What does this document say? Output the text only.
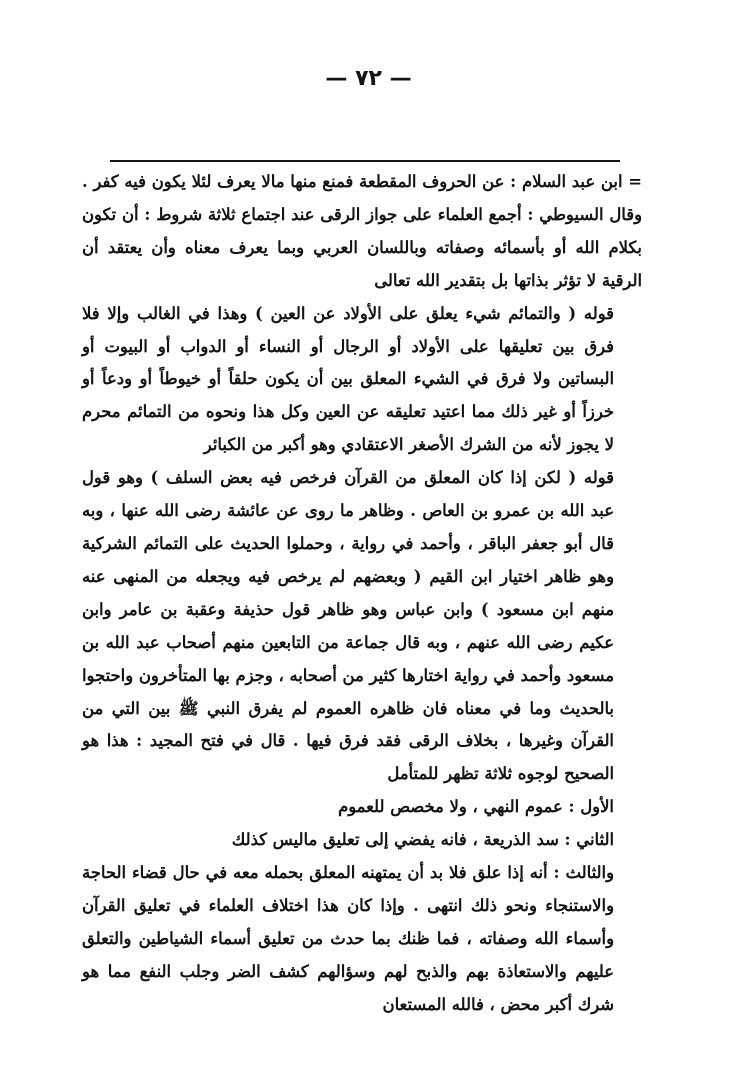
— ٧٢ —

= ابن عبد السلام : عن الحروف المقطعة فمنع منها مالا يعرف لئلا يكون فيه كفر . وقال السيوطي : أجمع العلماء على جواز الرقى عند اجتماع ثلاثة شروط : أن تكون بكلام الله أو بأسمائه وصفاته وباللسان العربي وبما يعرف معناه وأن يعتقد أن الرقية لا تؤثر بذاتها بل بتقدير الله تعالى

قوله ( والتمائم شيء يعلق على الأولاد عن العين ) وهذا في الغالب وإلا فلا فرق بين تعليقها على الأولاد أو الرجال أو النساء أو الدواب أو البيوت أو البساتين ولا فرق في الشيء المعلق بين أن يكون حلقاً أو خيوطاً أو ودعاً أو خرزاً أو غير ذلك مما اعتيد تعليقه عن العين وكل هذا ونحوه من التمائم محرم لا يجوز لأنه من الشرك الأصغر الاعتقادي وهو أكبر من الكبائر

قوله ( لكن إذا كان المعلق من القرآن فرخص فيه بعض السلف ) وهو قول عبد الله بن عمرو بن العاص . وظاهر ما روى عن عائشة رضى الله عنها ، وبه قال أبو جعفر الباقر ، وأحمد في رواية ، وحملوا الحديث على التمائم الشركية وهو ظاهر اختيار ابن القيم ( وبعضهم لم يرخص فيه ويجعله من المنهى عنه منهم ابن مسعود ) وابن عباس وهو ظاهر قول حذيفة وعقبة بن عامر وابن عكيم رضى الله عنهم ، وبه قال جماعة من التابعين منهم أصحاب عبد الله بن مسعود وأحمد في رواية اختارها كثير من أصحابه ، وجزم بها المتأخرون واحتجوا بالحديث وما في معناه فان ظاهره العموم لم يفرق النبي ﷺ بين التي من القرآن وغيرها ، بخلاف الرقى فقد فرق فيها . قال في فتح المجيد : هذا هو الصحيح لوجوه ثلاثة تظهر للمتأمل

الأول : عموم النهي ، ولا مخصص للعموم

الثاني : سد الذريعة ، فانه يفضي إلى تعليق ماليس كذلك

والثالث : أنه إذا علق فلا بد أن يمتهنه المعلق بحمله معه في حال قضاء الحاجة والاستنجاء ونحو ذلك انتهى . وإذا كان هذا اختلاف العلماء في تعليق القرآن وأسماء الله وصفاته ، فما ظنك بما حدث من تعليق أسماء الشياطين والتعلق عليهم والاستعاذة بهم والذبح لهم وسؤالهم كشف الضر وجلب النفع مما هو شرك أكبر محض ، فالله المستعان
